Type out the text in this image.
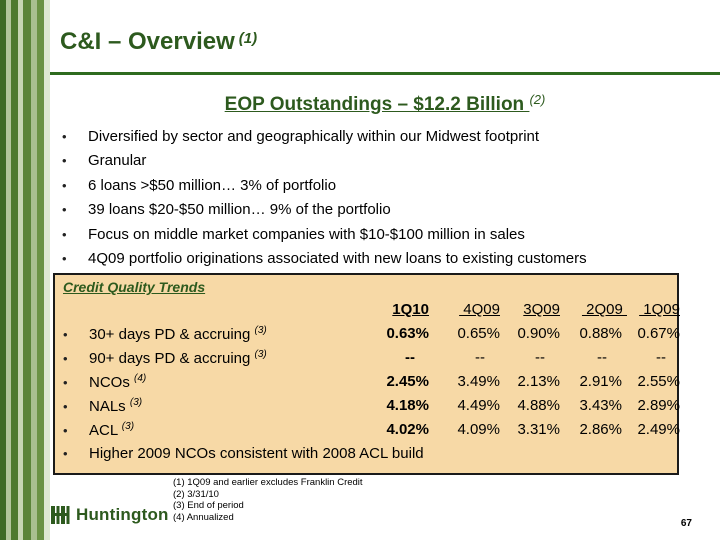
C&I – Overview $^{(1)}$
EOP Outstandings – $12.2 Billion $^{(2)}$
•	Diversified by sector and geographically within our Midwest footprint
•	Granular
•	6 loans >$50 million… 3% of portfolio
•	39 loans $20-$50 million… 9% of the portfolio
•	Focus on middle market companies with $10-$100 million in sales
•	4Q09 portfolio originations associated with new loans to existing customers
Credit Quality Trends
1Q10 4Q09 3Q09 2Q09 1Q09
• 30+ days PD & accruing $^{(3)}$	0.63% 0.65% 0.90% 0.88% 0.67%
• 90+ days PD & accruing $^{(3)}$	--	--	--	--	--
• NCOs $^{(4)}$	2.45% 3.49% 2.13% 2.91% 2.55%
• NALs $^{(3)}$	4.18% 4.49% 4.88% 3.43% 2.89%
• ACL $^{(3)}$	4.02% 4.09% 3.31% 2.86% 2.49%
• Higher 2009 NCOs consistent with 2008 ACL build
(1) 1Q09 and earlier excludes Franklin Credit
(2) 3/31/10
(3) End of period
(4) Annualized
Huntington	67
